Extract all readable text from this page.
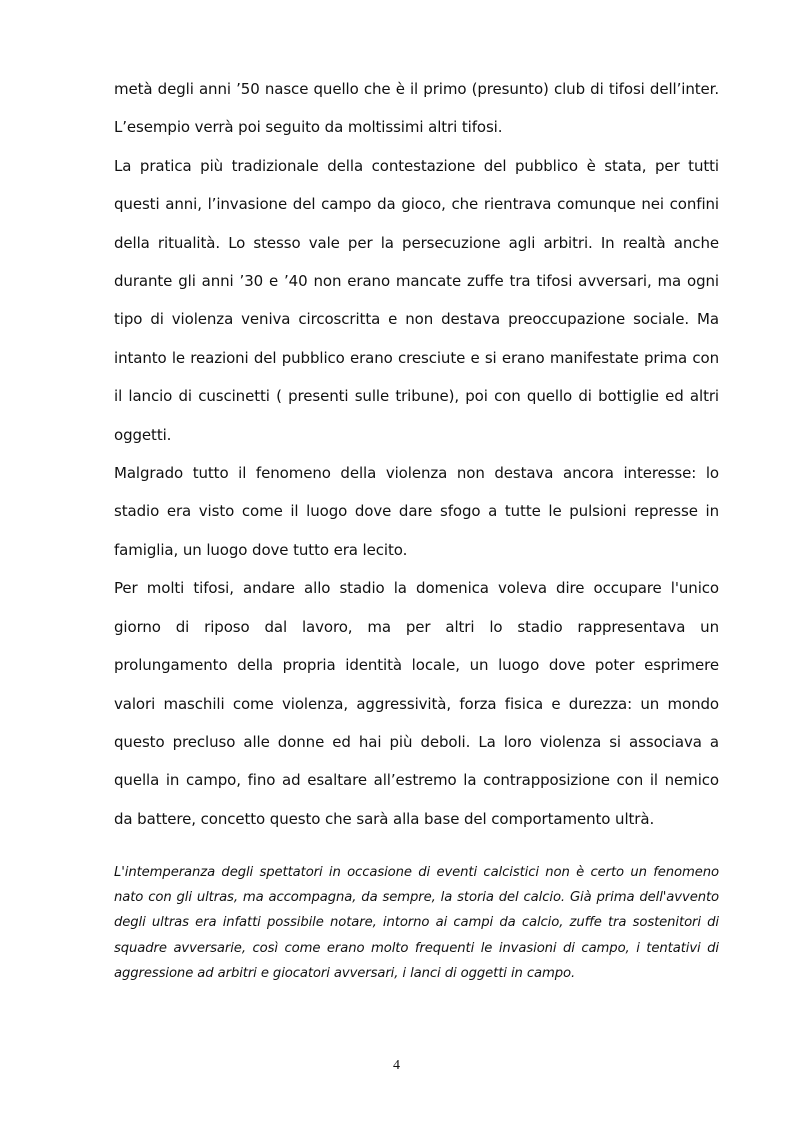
metà degli anni ’50 nasce quello che è il primo (presunto) club di tifosi dell’inter. L’esempio verrà poi seguito da moltissimi altri tifosi.

La pratica più tradizionale della contestazione del pubblico è stata, per tutti questi anni, l’invasione del campo da gioco, che rientrava comunque nei confini della ritualità. Lo stesso vale per la persecuzione agli arbitri. In realtà anche durante gli anni ’30 e ’40 non erano mancate zuffe tra tifosi avversari, ma ogni tipo di violenza veniva circoscritta e non destava preoccupazione sociale. Ma intanto le reazioni del pubblico erano cresciute e si erano manifestate prima con il lancio di cuscinetti ( presenti sulle tribune), poi con quello di bottiglie ed altri oggetti.

Malgrado tutto il fenomeno della violenza non destava ancora interesse: lo stadio era visto come il luogo dove dare sfogo a tutte le pulsioni represse in famiglia, un luogo dove tutto era lecito.

Per molti tifosi, andare allo stadio la domenica voleva dire occupare l'unico giorno di riposo dal lavoro, ma per altri lo stadio rappresentava un prolungamento della propria identità locale, un luogo dove poter esprimere valori maschili come violenza, aggressività, forza fisica e durezza: un mondo questo precluso alle donne ed hai più deboli. La loro violenza si associava a quella in campo, fino ad esaltare all’estremo la contrapposizione con il nemico da battere, concetto questo che sarà alla base del comportamento ultrà.

L'intemperanza degli spettatori in occasione di eventi calcistici non è certo un fenomeno nato con gli ultras, ma accompagna, da sempre, la storia del calcio. Già prima dell'avvento degli ultras era infatti possibile notare, intorno ai campi da calcio, zuffe tra sostenitori di squadre avversarie, così come erano molto frequenti le invasioni di campo, i tentativi di aggressione ad arbitri e giocatori avversari, i lanci di oggetti in campo.

4
